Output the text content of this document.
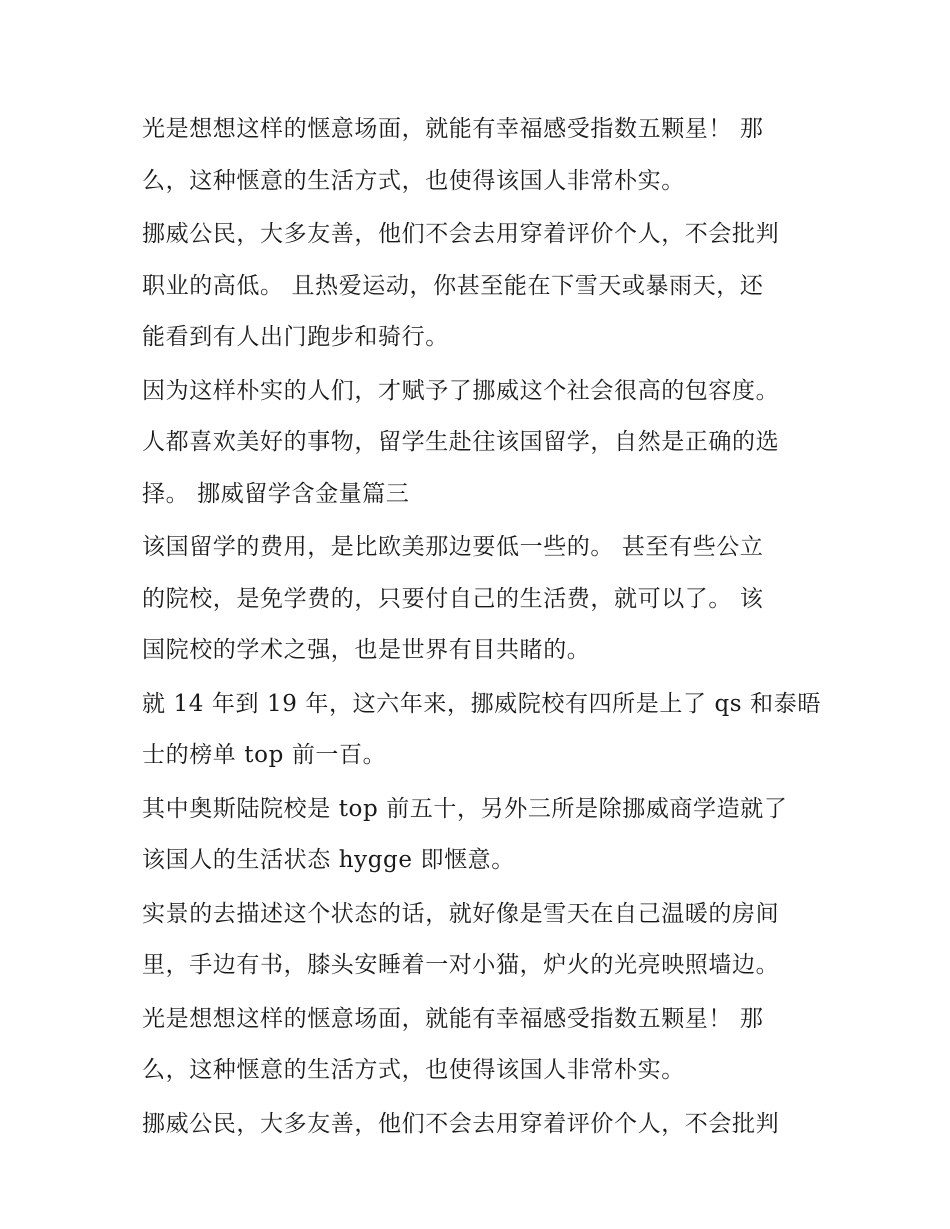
光是想想这样的惬意场面，就能有幸福感受指数五颗星！ 那
么，这种惬意的生活方式，也使得该国人非常朴实。
挪威公民，大多友善，他们不会去用穿着评价个人，不会批判
职业的高低。 且热爱运动，你甚至能在下雪天或暴雨天，还
能看到有人出门跑步和骑行。
因为这样朴实的人们，才赋予了挪威这个社会很高的包容度。
人都喜欢美好的事物，留学生赴往该国留学，自然是正确的选
择。 挪威留学含金量篇三
该国留学的费用，是比欧美那边要低一些的。 甚至有些公立
的院校，是免学费的，只要付自己的生活费，就可以了。 该
国院校的学术之强，也是世界有目共睹的。
就 14 年到 19 年，这六年来，挪威院校有四所是上了 qs 和泰晤
士的榜单 top 前一百。
其中奥斯陆院校是 top 前五十，另外三所是除挪威商学造就了
该国人的生活状态 hygge 即惬意。
实景的去描述这个状态的话，就好像是雪天在自己温暖的房间
里，手边有书，膝头安睡着一对小猫，炉火的光亮映照墙边。
光是想想这样的惬意场面，就能有幸福感受指数五颗星！ 那
么，这种惬意的生活方式，也使得该国人非常朴实。
挪威公民，大多友善，他们不会去用穿着评价个人，不会批判
